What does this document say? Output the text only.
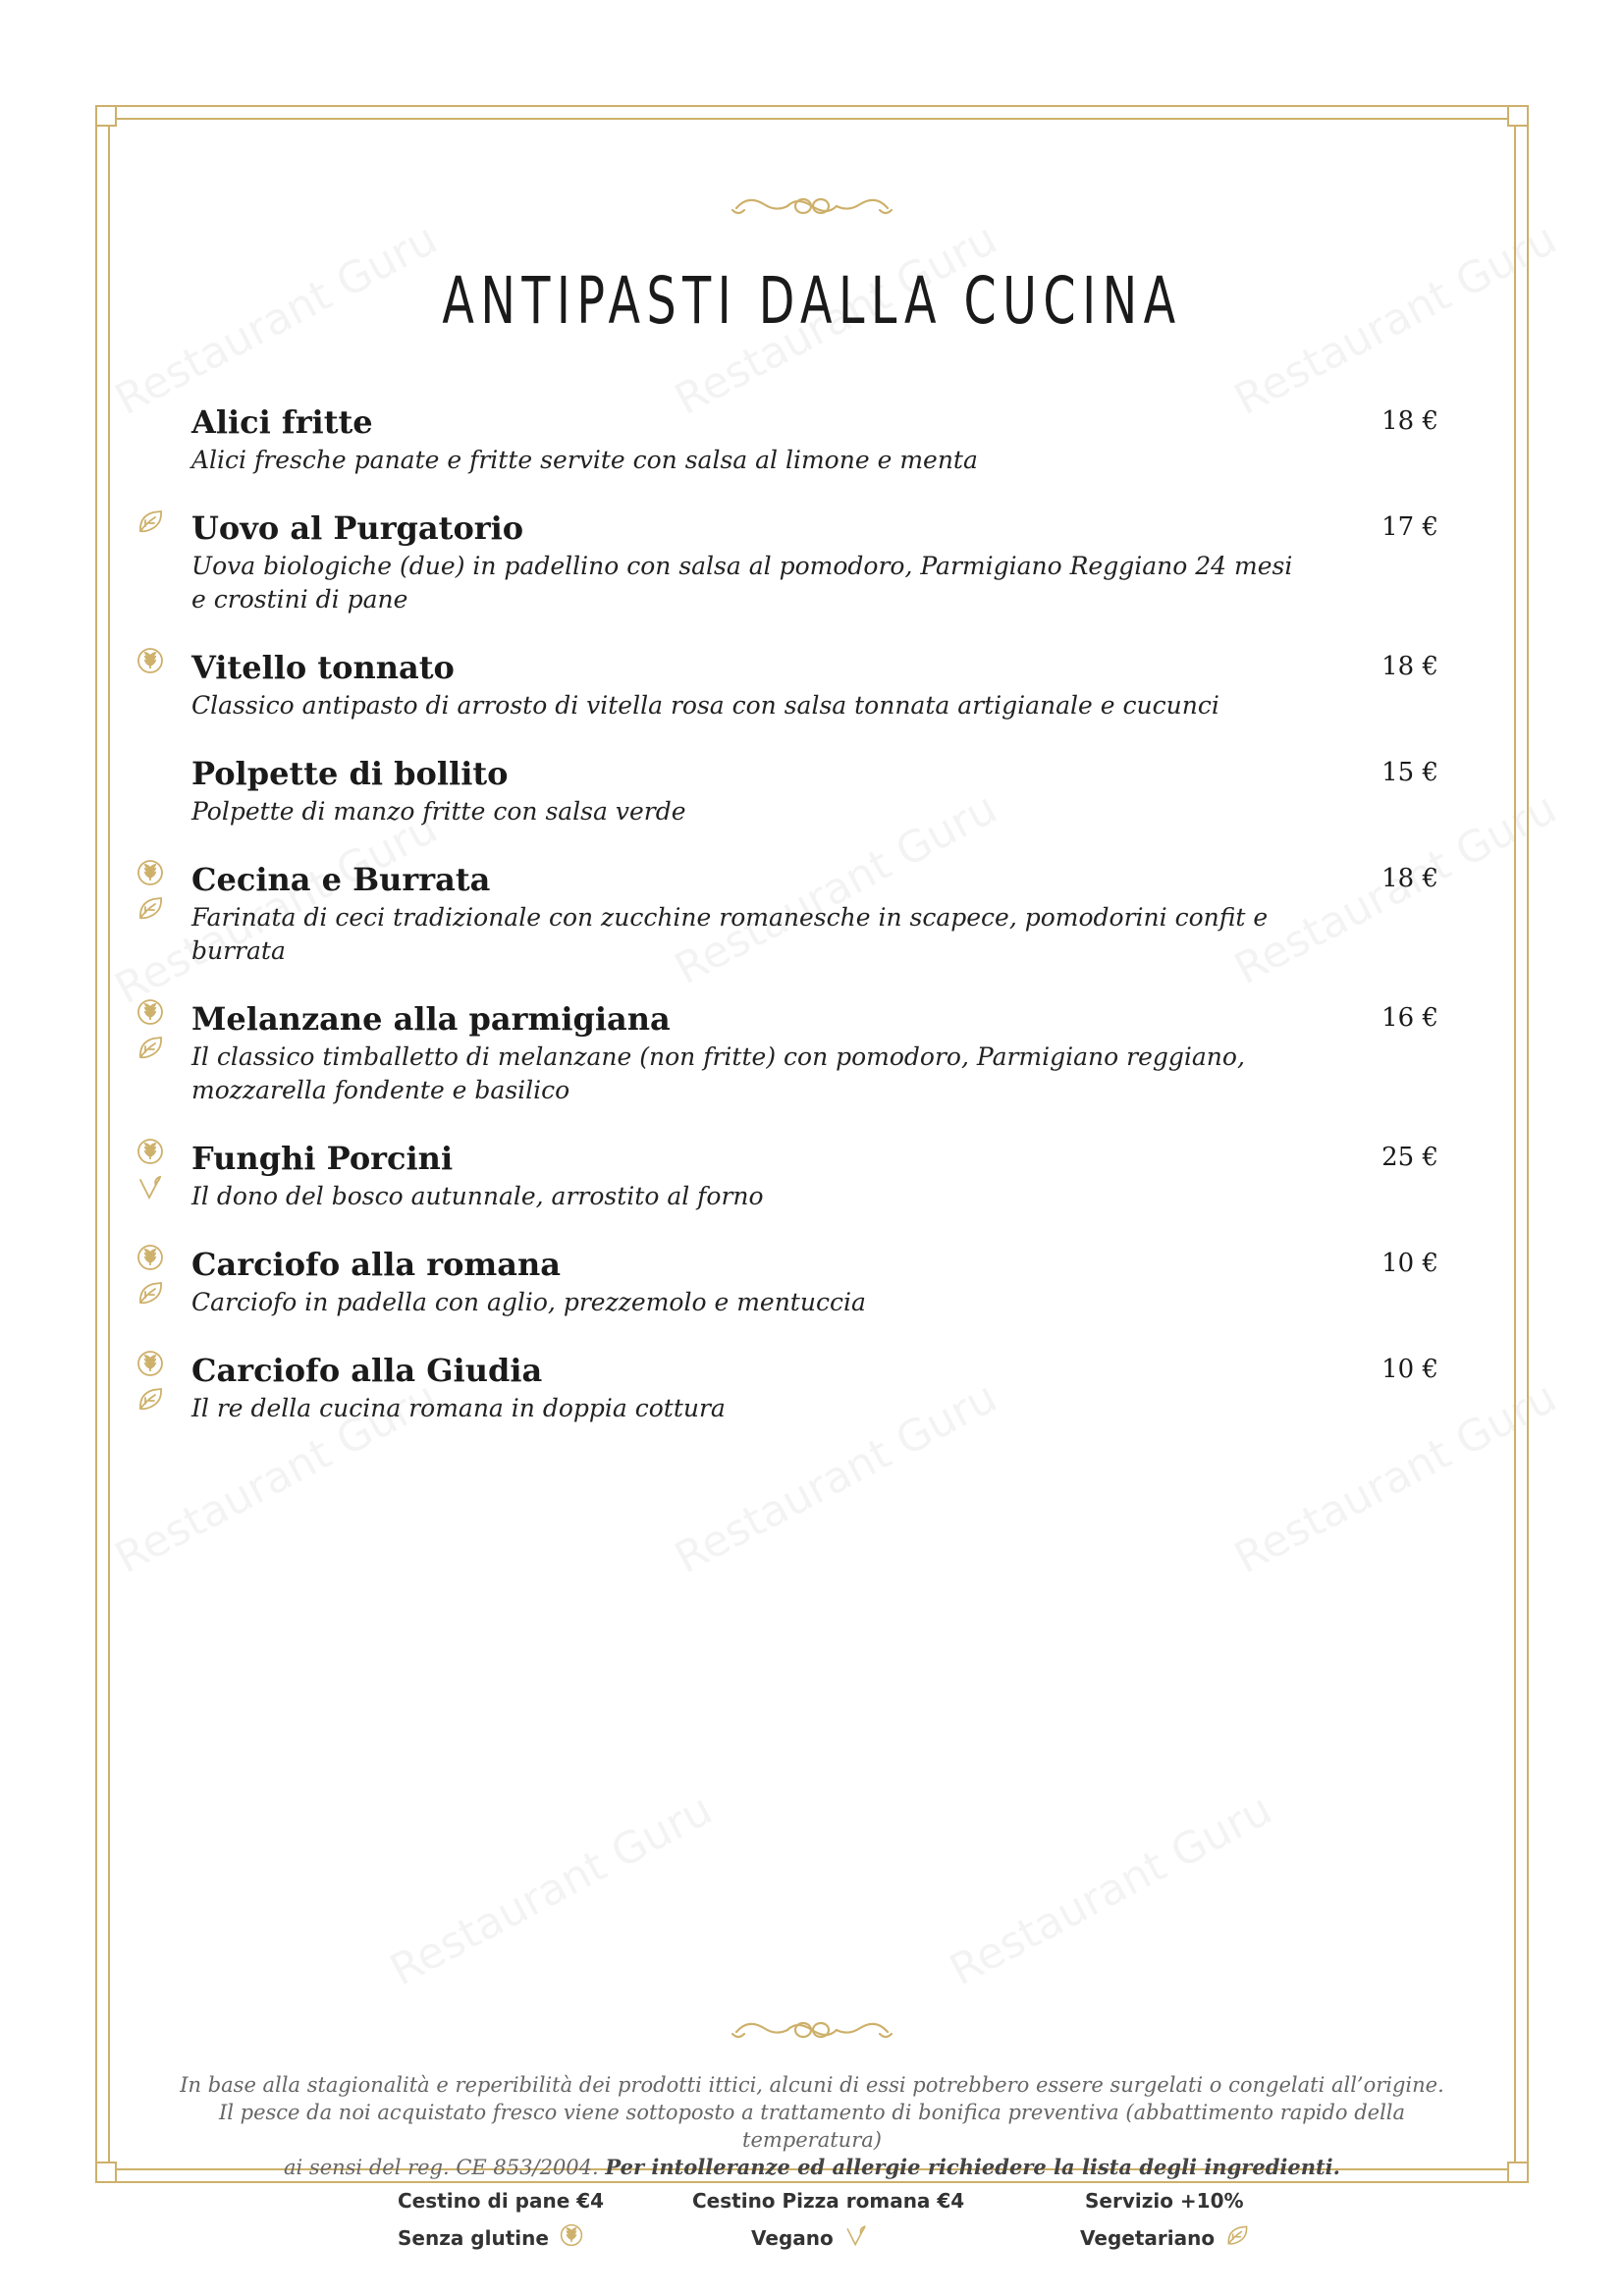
ANTIPASTI DALLA CUCINA
Alici fritte
Alici fresche panate e fritte servite con salsa al limone e menta
18 €
Uovo al Purgatorio
Uova biologiche (due) in padellino con salsa al pomodoro, Parmigiano Reggiano 24 mesi e crostini di pane
17 €
Vitello tonnato
Classico antipasto di arrosto di vitella rosa con salsa tonnata artigianale e cucunci
18 €
Polpette di bollito
Polpette di manzo fritte con salsa verde
15 €
Cecina e Burrata
Farinata di ceci tradizionale con zucchine romanesche in scapece, pomodorini confit e burrata
18 €
Melanzane alla parmigiana
Il classico timballetto di melanzane (non fritte) con pomodoro, Parmigiano reggiano, mozzarella fondente e basilico
16 €
Funghi Porcini
Il dono del bosco autunnale, arrostito al forno
25 €
Carciofo alla romana
Carciofo in padella con aglio, prezzemolo e mentuccia
10 €
Carciofo alla Giudia
Il re della cucina romana in doppia cottura
10 €
In base alla stagionalità e reperibilità dei prodotti ittici, alcuni di essi potrebbero essere surgelati o congelati all’origine.
Il pesce da noi acquistato fresco viene sottoposto a trattamento di bonifica preventiva (abbattimento rapido della temperatura)
ai sensi del reg. CE 853/2004. Per intolleranze ed allergie richiedere la lista degli ingredienti.
Cestino di pane €4	Cestino Pizza romana €4	Servizio +10%
Senza glutine	Vegano	Vegetariano
